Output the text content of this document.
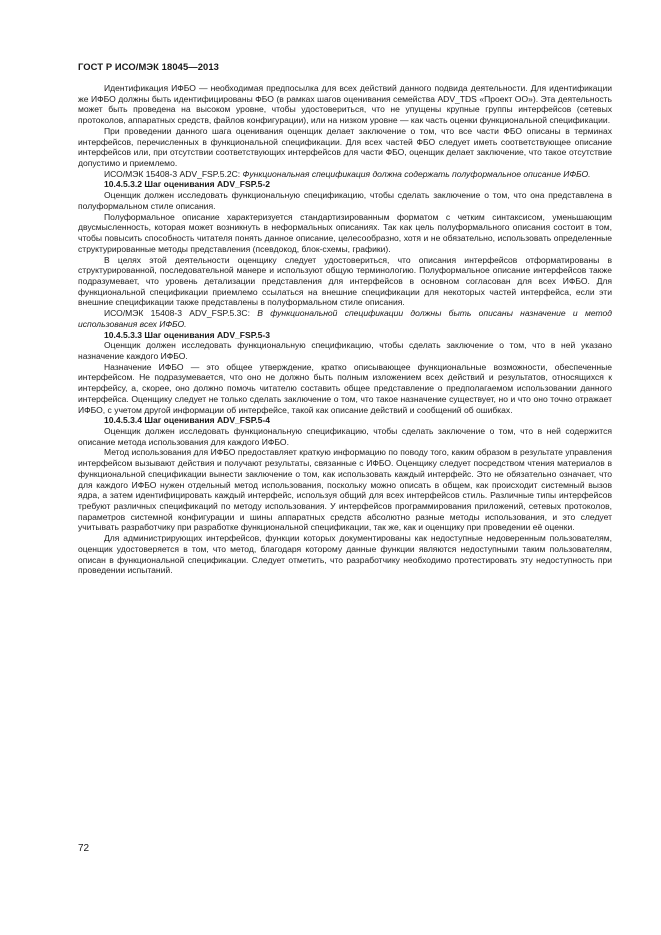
ГОСТ Р ИСО/МЭК 18045—2013

Идентификация ИФБО — необходимая предпосылка для всех действий данного подвида деятельности. Для идентификации же ИФБО должны быть идентифицированы ФБО (в рамках шагов оценивания семейства ADV_TDS «Проект ОО»). Эта деятельность может быть проведена на высоком уровне, чтобы удостовериться, что не упущены крупные группы интерфейсов (сетевых протоколов, аппаратных средств, файлов конфигурации), или на низком уровне — как часть оценки функциональной спецификации.

При проведении данного шага оценивания оценщик делает заключение о том, что все части ФБО описаны в терминах интерфейсов, перечисленных в функциональной спецификации. Для всех частей ФБО следует иметь соответствующее описание интерфейсов или, при отсутствии соответствующих интерфейсов для части ФБО, оценщик делает заключение, что такое отсутствие допустимо и приемлемо.

ИСО/МЭК 15408-3 ADV_FSP.5.2C: Функциональная спецификация должна содержать полуформальное описание ИФБО.

10.4.5.3.2 Шаг оценивания ADV_FSP.5-2

Оценщик должен исследовать функциональную спецификацию, чтобы сделать заключение о том, что она представлена в полуформальном стиле описания.

Полуформальное описание характеризуется стандартизированным форматом с четким синтаксисом, уменьшающим двусмысленность, которая может возникнуть в неформальных описаниях. Так как цель полуформального описания состоит в том, чтобы повысить способность читателя понять данное описание, целесообразно, хотя и не обязательно, использовать определенные структурированные методы представления (псевдокод, блок-схемы, графики).

В целях этой деятельности оценщику следует удостовериться, что описания интерфейсов отформатированы в структурированной, последовательной манере и используют общую терминологию. Полуформальное описание интерфейсов также подразумевает, что уровень детализации представления для интерфейсов в основном согласован для всех ИФБО. Для функциональной спецификации приемлемо ссылаться на внешние спецификации для некоторых частей интерфейса, если эти внешние спецификации также представлены в полуформальном стиле описания.

ИСО/МЭК 15408-3 ADV_FSP.5.3C: В функциональной спецификации должны быть описаны назначение и метод использования всех ИФБО.

10.4.5.3.3 Шаг оценивания ADV_FSP.5-3

Оценщик должен исследовать функциональную спецификацию, чтобы сделать заключение о том, что в ней указано назначение каждого ИФБО.

Назначение ИФБО — это общее утверждение, кратко описывающее функциональные возможности, обеспеченные интерфейсом. Не подразумевается, что оно не должно быть полным изложением всех действий и результатов, относящихся к интерфейсу, а, скорее, оно должно помочь читателю составить общее представление о предполагаемом использовании данного интерфейса. Оценщику следует не только сделать заключение о том, что такое назначение существует, но и что оно точно отражает ИФБО, с учетом другой информации об интерфейсе, такой как описание действий и сообщений об ошибках.

10.4.5.3.4 Шаг оценивания ADV_FSP.5-4

Оценщик должен исследовать функциональную спецификацию, чтобы сделать заключение о том, что в ней содержится описание метода использования для каждого ИФБО.

Метод использования для ИФБО предоставляет краткую информацию по поводу того, каким образом в результате управления интерфейсом вызывают действия и получают результаты, связанные с ИФБО. Оценщику следует посредством чтения материалов в функциональной спецификации вынести заключение о том, как использовать каждый интерфейс. Это не обязательно означает, что для каждого ИФБО нужен отдельный метод использования, поскольку можно описать в общем, как происходит системный вызов ядра, а затем идентифицировать каждый интерфейс, используя общий для всех интерфейсов стиль. Различные типы интерфейсов требуют различных спецификаций по методу использования. У интерфейсов программирования приложений, сетевых протоколов, параметров системной конфигурации и шины аппаратных средств абсолютно разные методы использования, и это следует учитывать разработчику при разработке функциональной спецификации, так же, как и оценщику при проведении её оценки.

Для администрирующих интерфейсов, функции которых документированы как недоступные недоверенным пользователям, оценщик удостоверяется в том, что метод, благодаря которому данные функции являются недоступными таким пользователям, описан в функциональной спецификации. Следует отметить, что разработчику необходимо протестировать эту недоступность при проведении испытаний.

72
